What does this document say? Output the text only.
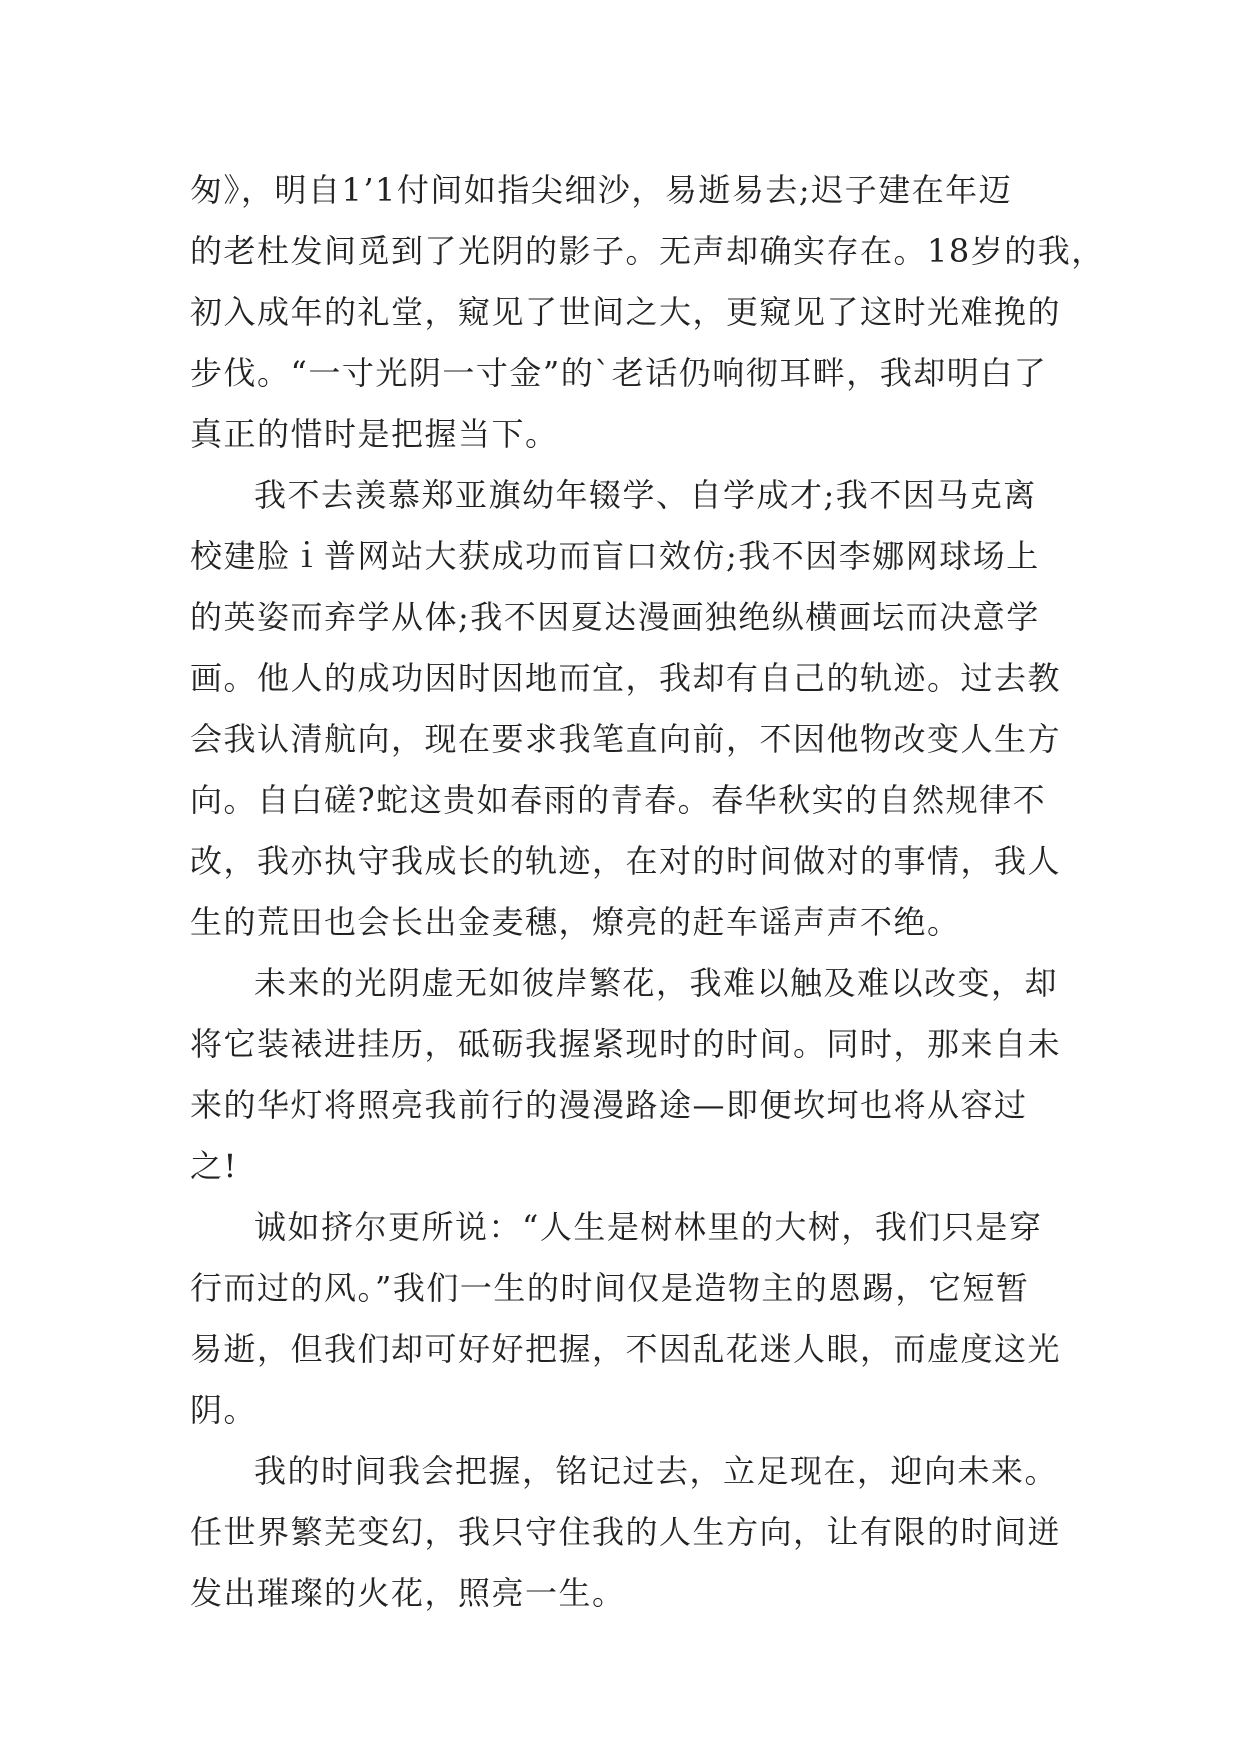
匆》，明自1’1付间如指尖细沙，易逝易去;迟子建在年迈
的老杜发间觅到了光阴的影子。无声却确实存在。18岁的我，
初入成年的礼堂，窥见了世间之大，更窥见了这时光难挽的
步伐。“一寸光阴一寸金”的`老话仍响彻耳畔，我却明白了
真正的惜时是把握当下。
我不去羡慕郑亚旗幼年辍学、自学成才;我不因马克离
校建脸ｉ普网站大获成功而盲口效仿;我不因李娜网球场上
的英姿而弃学从体;我不因夏达漫画独绝纵横画坛而决意学
画。他人的成功因时因地而宜，我却有自己的轨迹。过去教
会我认清航向，现在要求我笔直向前，不因他物改变人生方
向。自白磋?蛇这贵如春雨的青春。春华秋实的自然规律不
改，我亦执守我成长的轨迹，在对的时间做对的事情，我人
生的荒田也会长出金麦穗，燎亮的赶车谣声声不绝。
未来的光阴虚无如彼岸繁花，我难以触及难以改变，却
将它装裱进挂历，砥砺我握紧现时的时间。同时，那来自未
来的华灯将照亮我前行的漫漫路途—即便坎坷也将从容过
之!
诚如挤尔更所说：“人生是树林里的大树，我们只是穿
行而过的风。”我们一生的时间仅是造物主的恩踢，它短暂
易逝，但我们却可好好把握，不因乱花迷人眼，而虚度这光
阴。
我的时间我会把握，铭记过去，立足现在，迎向未来。
任世界繁芜变幻，我只守住我的人生方向，让有限的时间迸
发出璀璨的火花，照亮一生。
